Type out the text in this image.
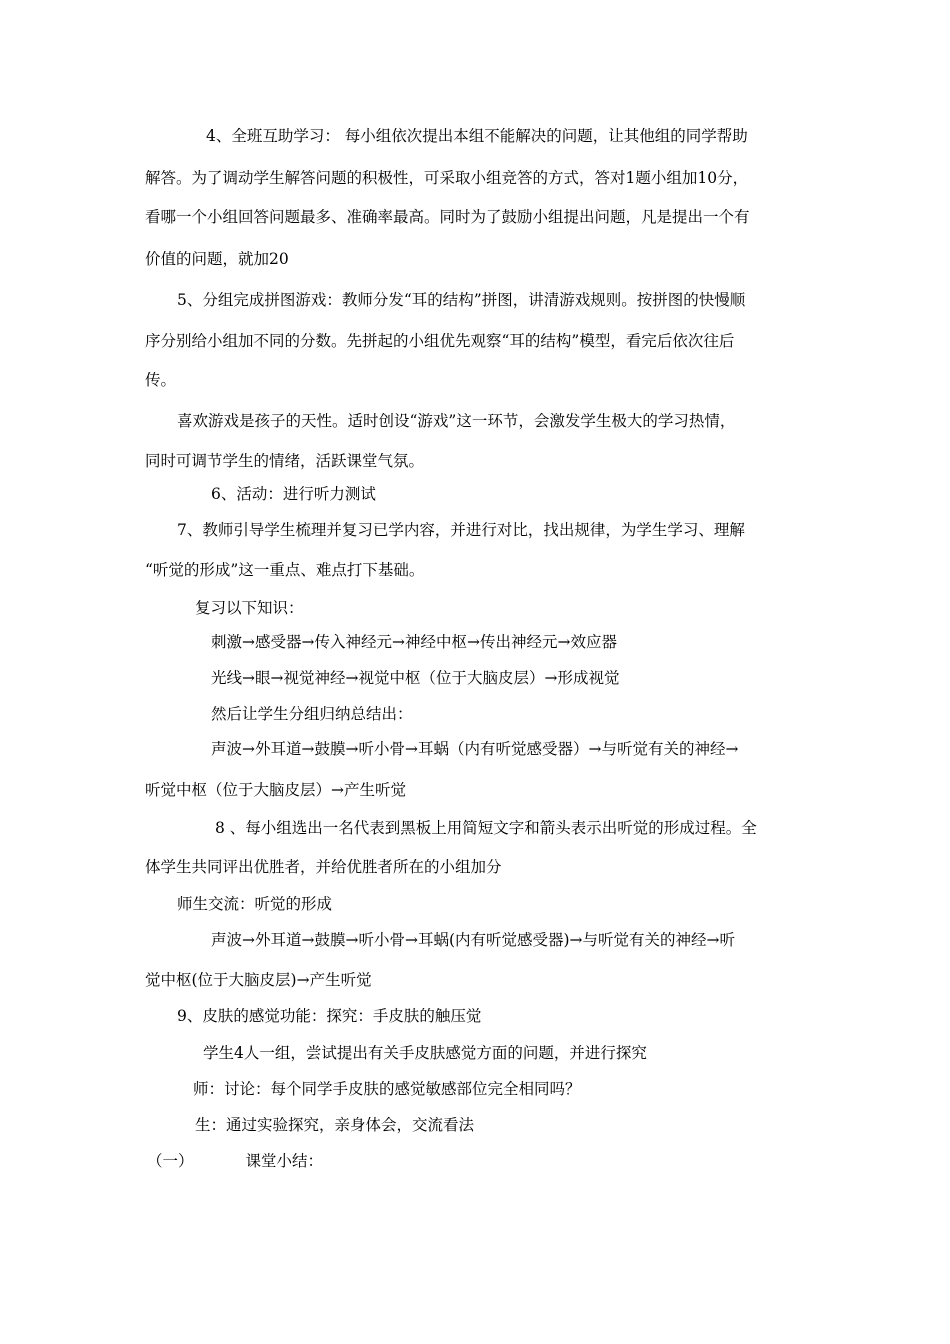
4、全班互助学习： 每小组依次提出本组不能解决的问题，让其他组的同学帮助
解答。为了调动学生解答问题的积极性，可采取小组竞答的方式，答对1题小组加10分，
看哪一个小组回答问题最多、准确率最高。同时为了鼓励小组提出问题，凡是提出一个有
价值的问题，就加20
5、分组完成拼图游戏：教师分发“耳的结构”拼图，讲清游戏规则。按拼图的快慢顺
序分别给小组加不同的分数。先拼起的小组优先观察“耳的结构”模型，看完后依次往后
传。
喜欢游戏是孩子的天性。适时创设“游戏”这一环节，会激发学生极大的学习热情，
同时可调节学生的情绪，活跃课堂气氛。
6、活动：进行听力测试
7、教师引导学生梳理并复习已学内容，并进行对比，找出规律，为学生学习、理解
“听觉的形成”这一重点、难点打下基础。
复习以下知识：
刺激→感受器→传入神经元→神经中枢→传出神经元→效应器
光线→眼→视觉神经→视觉中枢（位于大脑皮层）→形成视觉
然后让学生分组归纳总结出：
声波→外耳道→鼓膜→听小骨→耳蜗（内有听觉感受器）→与听觉有关的神经→
听觉中枢（位于大脑皮层）→产生听觉
8 、每小组选出一名代表到黑板上用简短文字和箭头表示出听觉的形成过程。全
体学生共同评出优胜者，并给优胜者所在的小组加分
师生交流：听觉的形成
声波→外耳道→鼓膜→听小骨→耳蜗(内有听觉感受器)→与听觉有关的神经→听
觉中枢(位于大脑皮层)→产生听觉
9、皮肤的感觉功能：探究：手皮肤的触压觉
学生4人一组，尝试提出有关手皮肤感觉方面的问题，并进行探究
师：讨论：每个同学手皮肤的感觉敏感部位完全相同吗？
生：通过实验探究，亲身体会，交流看法
（一）	课堂小结：
